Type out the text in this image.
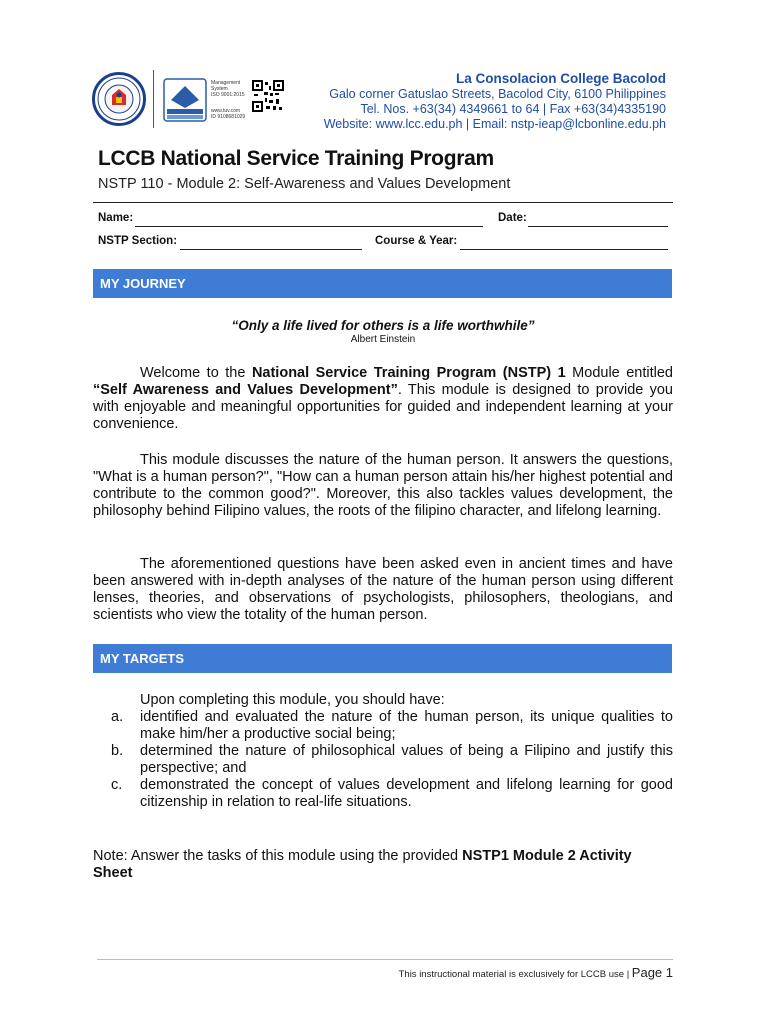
Management
System
ISO 9001:2015
www.tuv.com
ID 9108681029
La Consolacion College Bacolod
Galo corner Gatuslao Streets, Bacolod City, 6100 Philippines
Tel. Nos. +63(34) 4349661 to 64 | Fax +63(34)4335190
Website: www.lcc.edu.ph | Email: nstp-ieap@lcbonline.edu.ph
LCCB National Service Training Program
NSTP 110 - Module 2: Self-Awareness and Values Development
Name:	Date:
NSTP Section:	Course & Year:
MY JOURNEY
“Only a life lived for others is a life worthwhile”
Albert Einstein
Welcome to the National Service Training Program (NSTP) 1 Module entitled “Self Awareness and Values Development”. This module is designed to provide you with enjoyable and meaningful opportunities for guided and independent learning at your convenience.
This module discusses the nature of the human person. It answers the questions, "What is a human person?", "How can a human person attain his/her highest potential and contribute to the common good?". Moreover, this also tackles values development, the philosophy behind Filipino values, the roots of the filipino character, and lifelong learning.
The aforementioned questions have been asked even in ancient times and have been answered with in-depth analyses of the nature of the human person using different lenses, theories, and observations of psychologists, philosophers, theologians, and scientists who view the totality of the human person.
MY TARGETS
Upon completing this module, you should have:
a.	identified and evaluated the nature of the human person, its unique qualities to make him/her a productive social being;
b.	determined the nature of philosophical values of being a Filipino and justify this perspective; and
c.	demonstrated the concept of values development and lifelong learning for good citizenship in relation to real-life situations.
Note: Answer the tasks of this module using the provided NSTP1 Module 2 Activity Sheet
This instructional material is exclusively for LCCB use | Page 1
